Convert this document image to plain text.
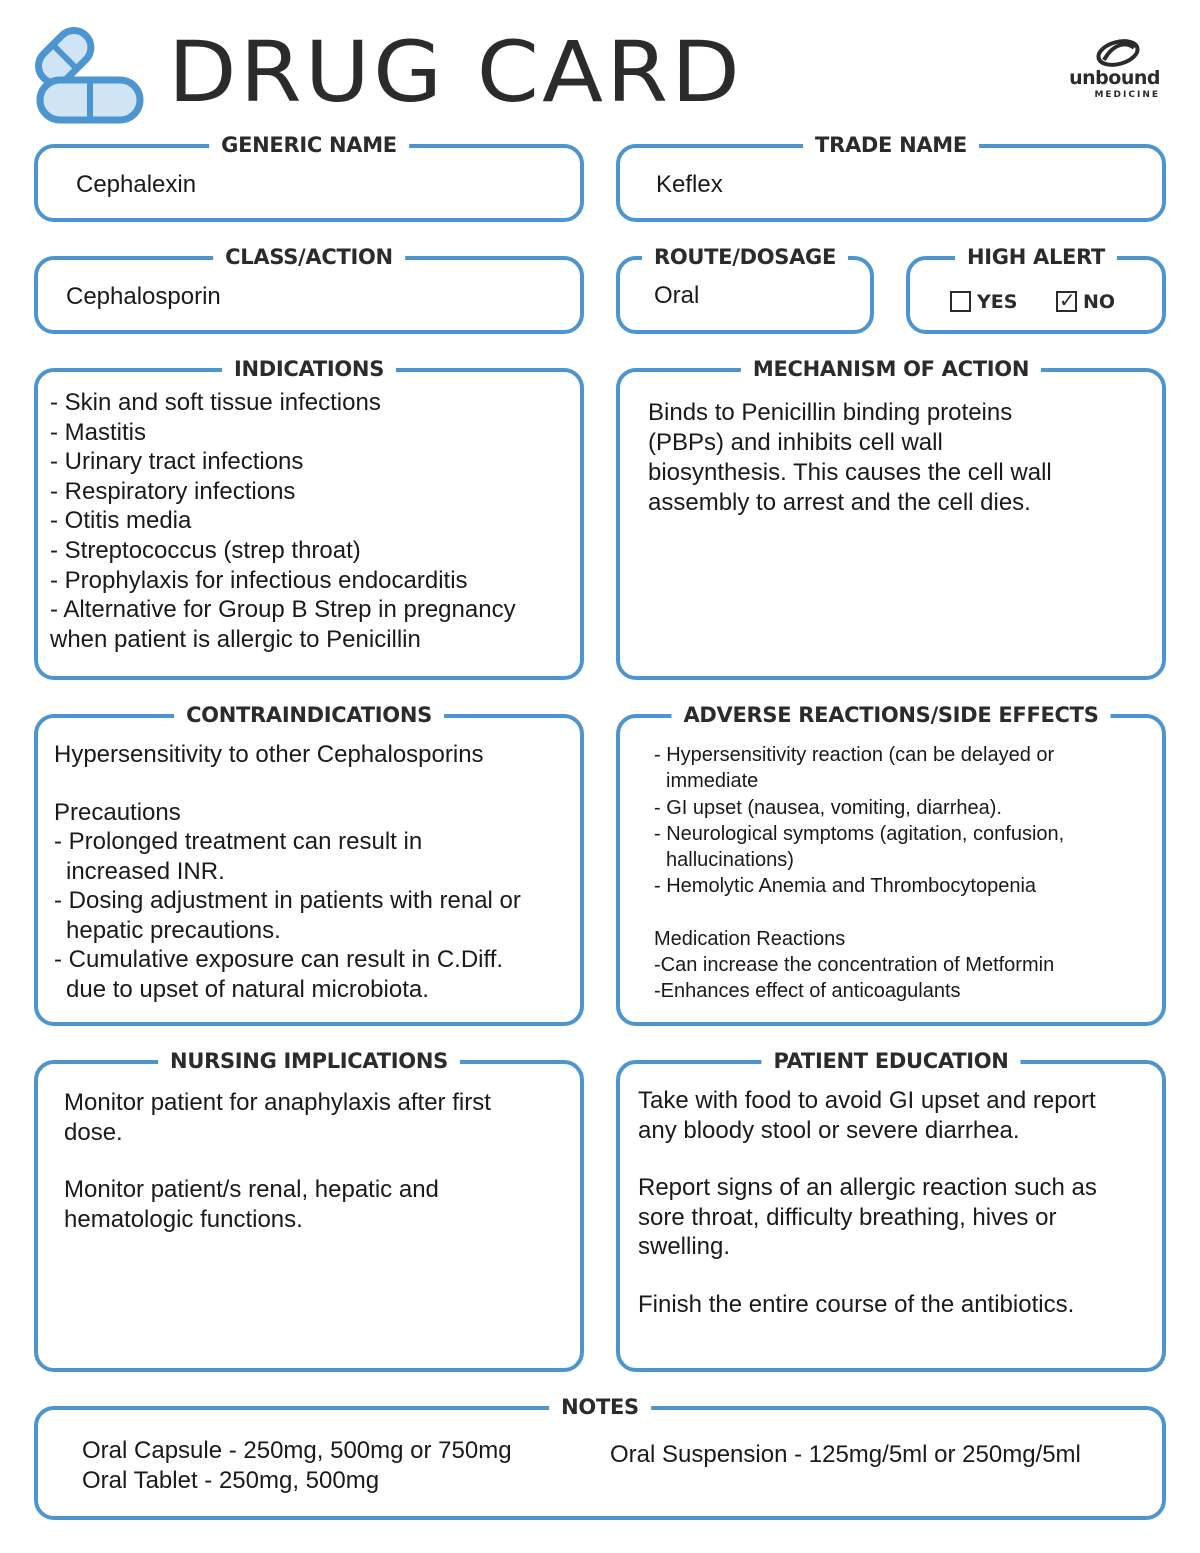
DRUG CARD	unbound
MEDICINE
GENERIC NAME
Cephalexin
TRADE NAME
Keflex
CLASS/ACTION
Cephalosporin
ROUTE/DOSAGE
Oral
HIGH ALERT
YES ✓ NO
INDICATIONS
- Skin and soft tissue infections
- Mastitis
- Urinary tract infections
- Respiratory infections
- Otitis media
- Streptococcus (strep throat)
- Prophylaxis for infectious endocarditis
- Alternative for Group B Strep in pregnancy
when patient is allergic to Penicillin
MECHANISM OF ACTION
Binds to Penicillin binding proteins
(PBPs) and inhibits cell wall
biosynthesis. This causes the cell wall
assembly to arrest and the cell dies.
CONTRAINDICATIONS
Hypersensitivity to other Cephalosporins
Precautions
- Prolonged treatment can result in
increased INR.
- Dosing adjustment in patients with renal or
hepatic precautions.
- Cumulative exposure can result in C.Diff.
due to upset of natural microbiota.
ADVERSE REACTIONS/SIDE EFFECTS
- Hypersensitivity reaction (can be delayed or
immediate
- GI upset (nausea, vomiting, diarrhea).
- Neurological symptoms (agitation, confusion,
hallucinations)
- Hemolytic Anemia and Thrombocytopenia
Medication Reactions
-Can increase the concentration of Metformin
-Enhances effect of anticoagulants
NURSING IMPLICATIONS
Monitor patient for anaphylaxis after first
dose.
Monitor patient/s renal, hepatic and
hematologic functions.
PATIENT EDUCATION
Take with food to avoid GI upset and report
any bloody stool or severe diarrhea.
Report signs of an allergic reaction such as
sore throat, difficulty breathing, hives or
swelling.
Finish the entire course of the antibiotics.
NOTES
Oral Capsule - 250mg, 500mg or 750mg
Oral Tablet - 250mg, 500mg
Oral Suspension - 125mg/5ml or 250mg/5ml
